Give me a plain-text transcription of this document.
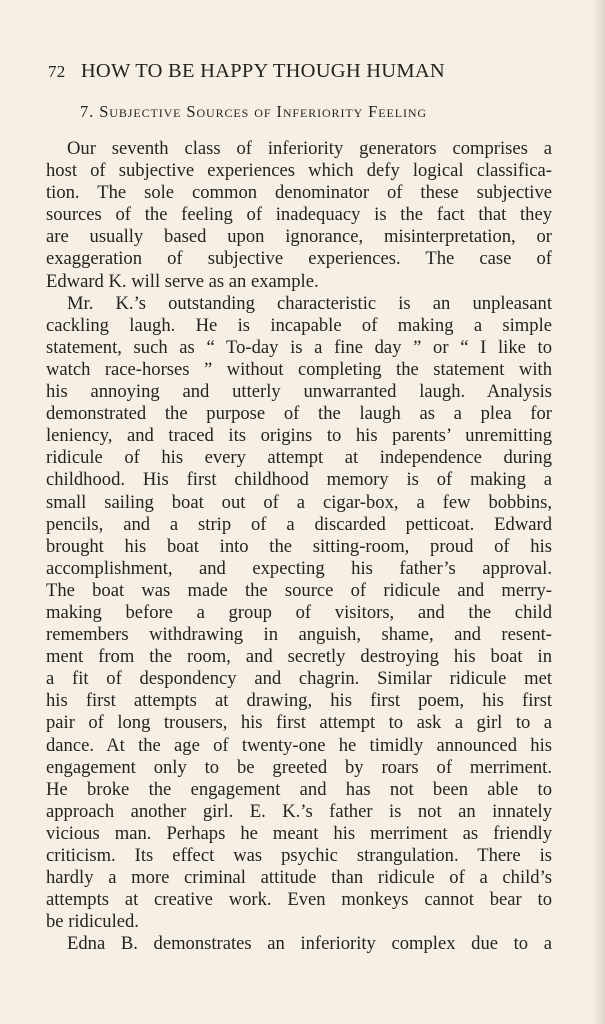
72 HOW TO BE HAPPY THOUGH HUMAN
7. Subjective Sources of Inferiority Feeling
Our seventh class of inferiority generators comprises a
host of subjective experiences which defy logical classifica-
tion. The sole common denominator of these subjective
sources of the feeling of inadequacy is the fact that they
are usually based upon ignorance, misinterpretation, or
exaggeration of subjective experiences. The case of
Edward K. will serve as an example.
Mr. K.’s outstanding characteristic is an unpleasant
cackling laugh. He is incapable of making a simple
statement, such as “ To-day is a fine day ” or “ I like to
watch race-horses ” without completing the statement with
his annoying and utterly unwarranted laugh. Analysis
demonstrated the purpose of the laugh as a plea for
leniency, and traced its origins to his parents’ unremitting
ridicule of his every attempt at independence during
childhood. His first childhood memory is of making a
small sailing boat out of a cigar-box, a few bobbins,
pencils, and a strip of a discarded petticoat. Edward
brought his boat into the sitting-room, proud of his
accomplishment, and expecting his father’s approval.
The boat was made the source of ridicule and merry-
making before a group of visitors, and the child
remembers withdrawing in anguish, shame, and resent-
ment from the room, and secretly destroying his boat in
a fit of despondency and chagrin. Similar ridicule met
his first attempts at drawing, his first poem, his first
pair of long trousers, his first attempt to ask a girl to a
dance. At the age of twenty-one he timidly announced his
engagement only to be greeted by roars of merriment.
He broke the engagement and has not been able to
approach another girl. E. K.’s father is not an innately
vicious man. Perhaps he meant his merriment as friendly
criticism. Its effect was psychic strangulation. There is
hardly a more criminal attitude than ridicule of a child’s
attempts at creative work. Even monkeys cannot bear to
be ridiculed.
Edna B. demonstrates an inferiority complex due to a
